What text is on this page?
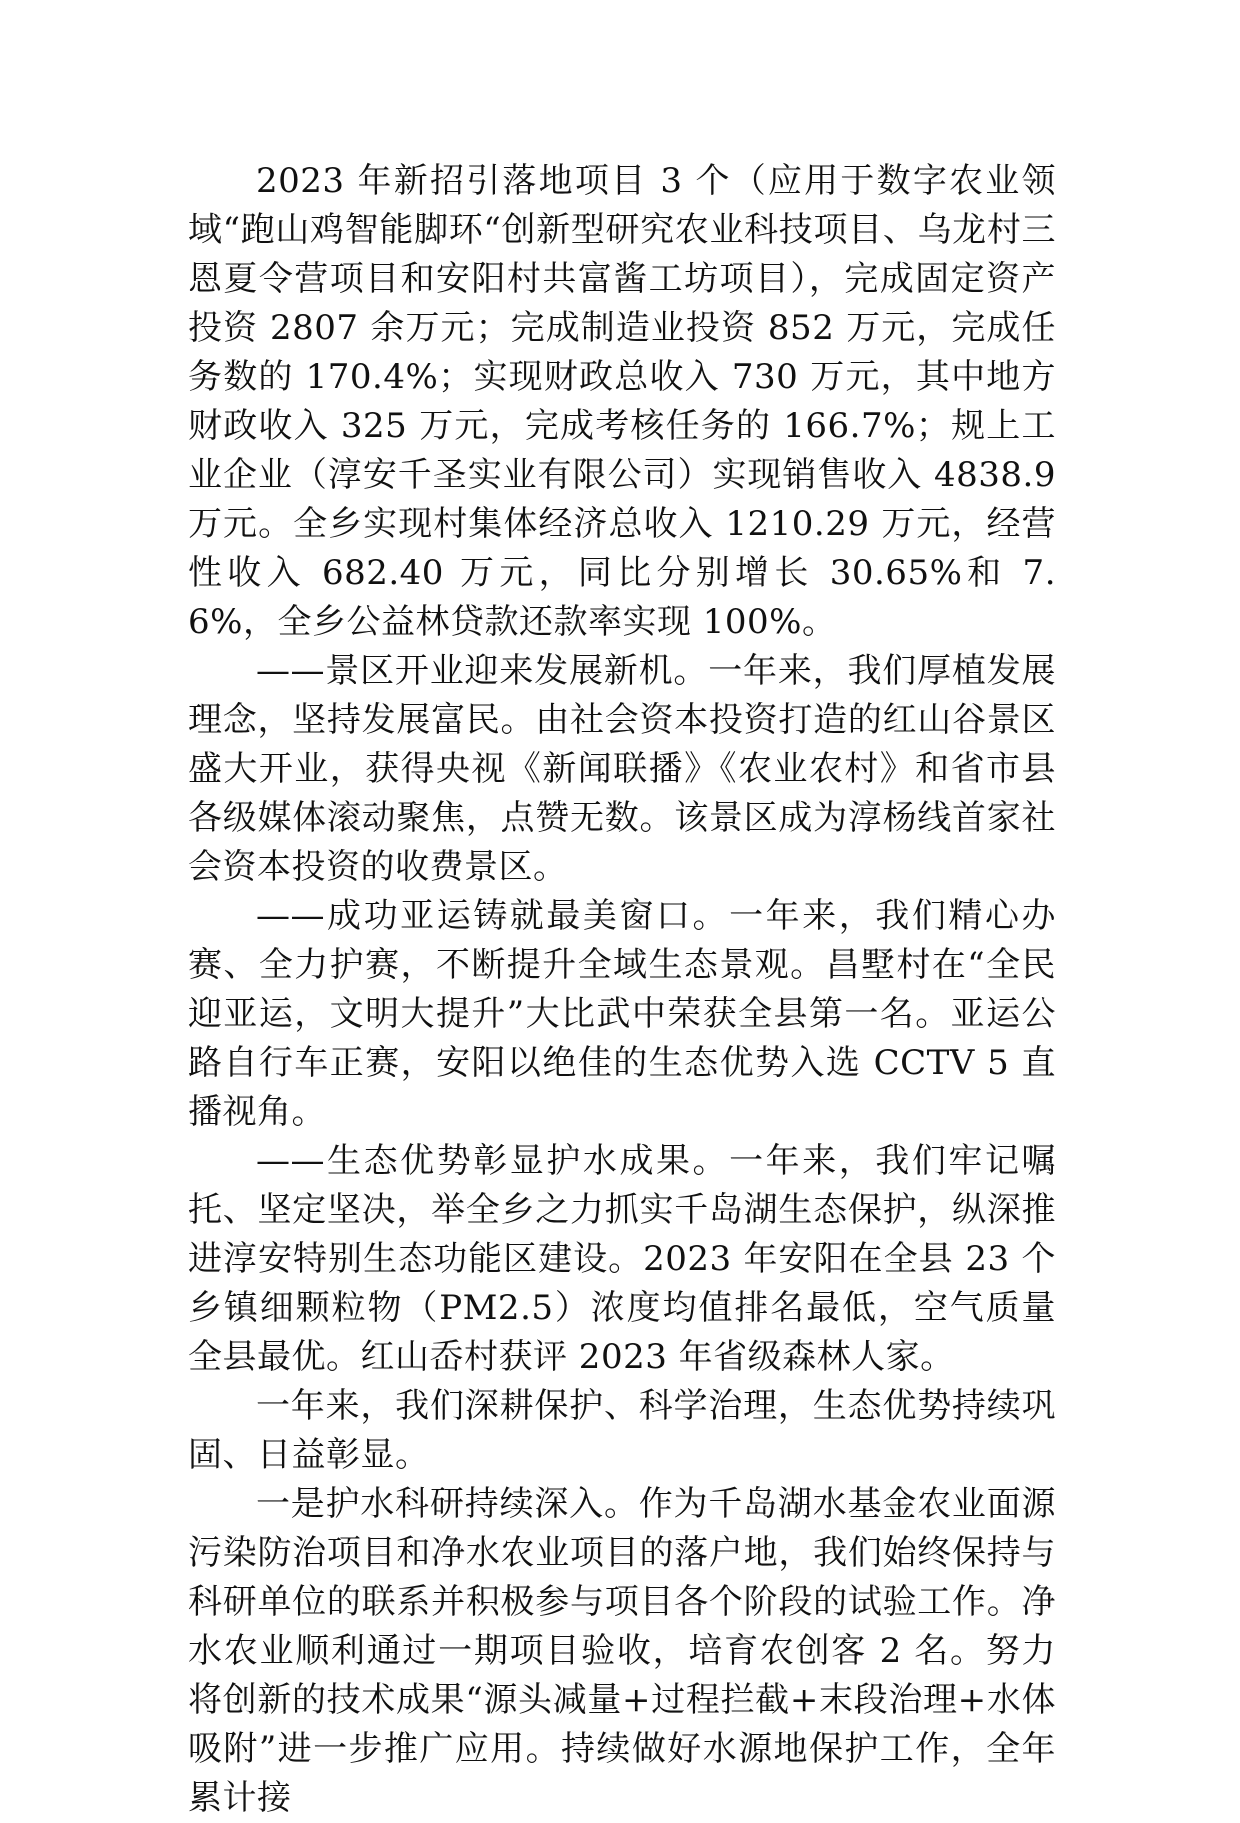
2023 年新招引落地项目 3 个（应用于数字农业领域“跑山鸡智能脚环“创新型研究农业科技项目、乌龙村三恩夏令营项目和安阳村共富酱工坊项目），完成固定资产投资 2807 余万元；完成制造业投资 852 万元，完成任务数的 170.4%；实现财政总收入 730 万元，其中地方财政收入 325 万元，完成考核任务的 166.7%；规上工业企业（淳安千圣实业有限公司）实现销售收入 4838.9 万元。全乡实现村集体经济总收入 1210.29 万元，经营性收入 682.40 万元，同比分别增长 30.65%和 7.6%，全乡公益林贷款还款率实现 100%。

——景区开业迎来发展新机。一年来，我们厚植发展理念，坚持发展富民。由社会资本投资打造的红山谷景区盛大开业，获得央视《新闻联播》《农业农村》和省市县各级媒体滚动聚焦，点赞无数。该景区成为淳杨线首家社会资本投资的收费景区。

——成功亚运铸就最美窗口。一年来，我们精心办赛、全力护赛，不断提升全域生态景观。昌墅村在“全民迎亚运，文明大提升”大比武中荣获全县第一名。亚运公路自行车正赛，安阳以绝佳的生态优势入选 CCTV 5 直播视角。

——生态优势彰显护水成果。一年来，我们牢记嘱托、坚定坚决，举全乡之力抓实千岛湖生态保护，纵深推进淳安特别生态功能区建设。2023 年安阳在全县 23 个乡镇细颗粒物（PM2.5）浓度均值排名最低，空气质量全县最优。红山岙村获评 2023 年省级森林人家。

一年来，我们深耕保护、科学治理，生态优势持续巩固、日益彰显。

一是护水科研持续深入。作为千岛湖水基金农业面源污染防治项目和净水农业项目的落户地，我们始终保持与科研单位的联系并积极参与项目各个阶段的试验工作。净水农业顺利通过一期项目验收，培育农创客 2 名。努力将创新的技术成果“源头减量+过程拦截+末段治理+水体吸附”进一步推广应用。持续做好水源地保护工作，全年累计接
